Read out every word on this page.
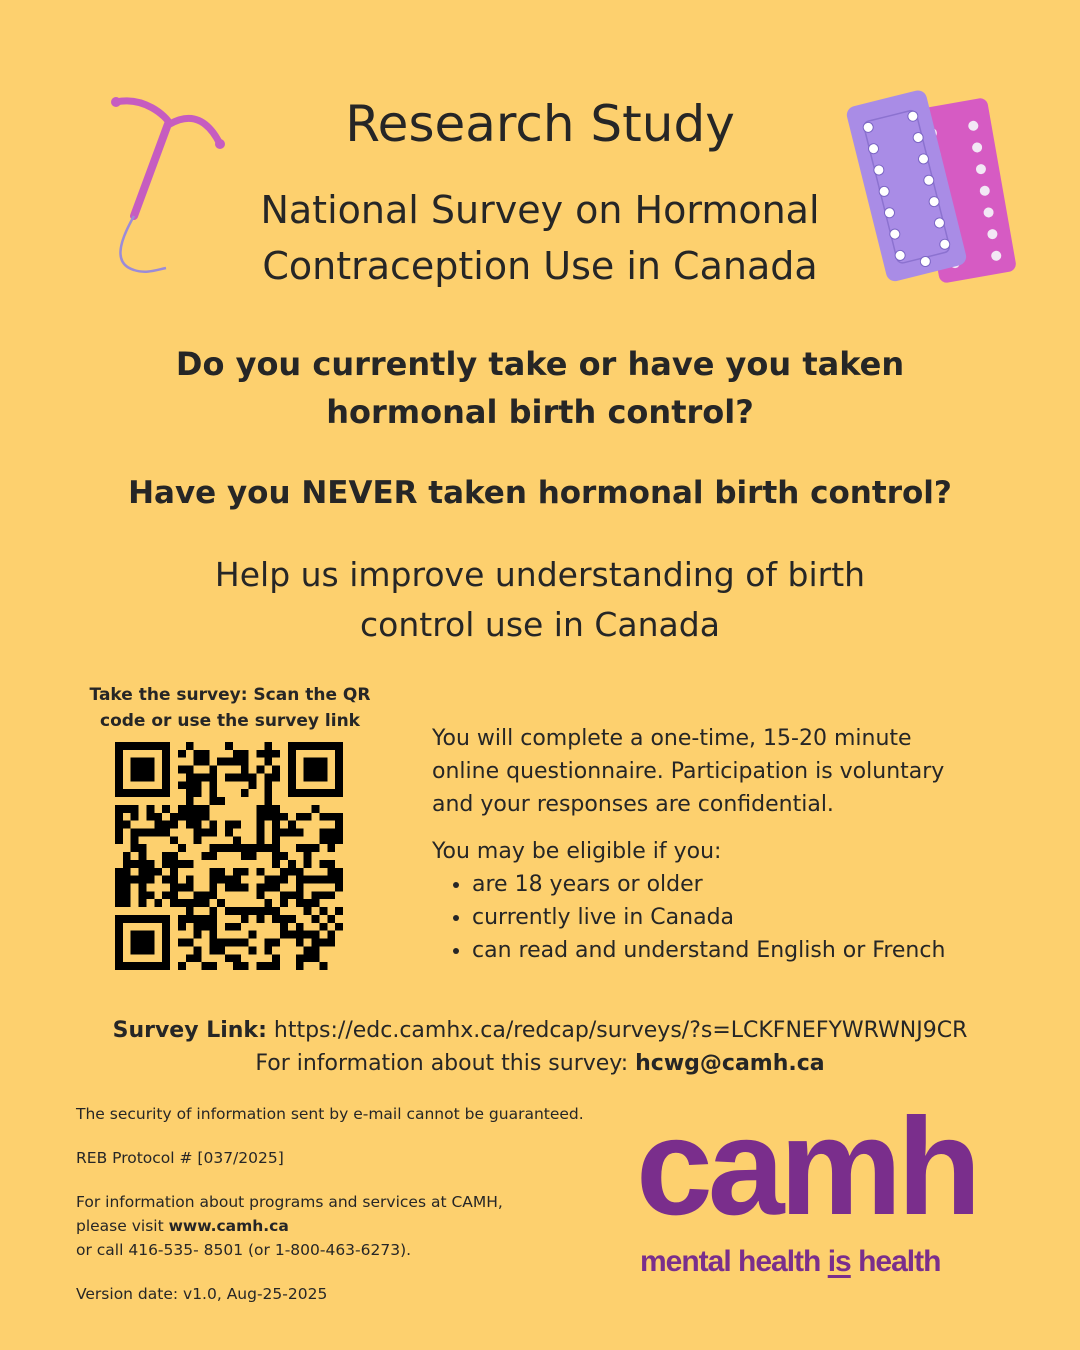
Research Study
National Survey on Hormonal
Contraception Use in Canada
Do you currently take or have you taken
hormonal birth control?
Have you NEVER taken hormonal birth control?
Help us improve understanding of birth
control use in Canada
Take the survey: Scan the QR
code or use the survey link

You will complete a one-time, 15-20 minute
online questionnaire. Participation is voluntary
and your responses are confidential.

You may be eligible if you:
• are 18 years or older
• currently live in Canada
• can read and understand English or French
Survey Link: https://edc.camhx.ca/redcap/surveys/?s=LCKFNEFYWRWNJ9CR
For information about this survey: hcwg@camh.ca

The security of information sent by e-mail cannot be guaranteed.

REB Protocol # [037/2025]

For information about programs and services at CAMH,
please visit www.camh.ca
or call 416-535- 8501 (or 1-800-463-6273).

Version date: v1.0, Aug-25-2025

camh
mental health is health
